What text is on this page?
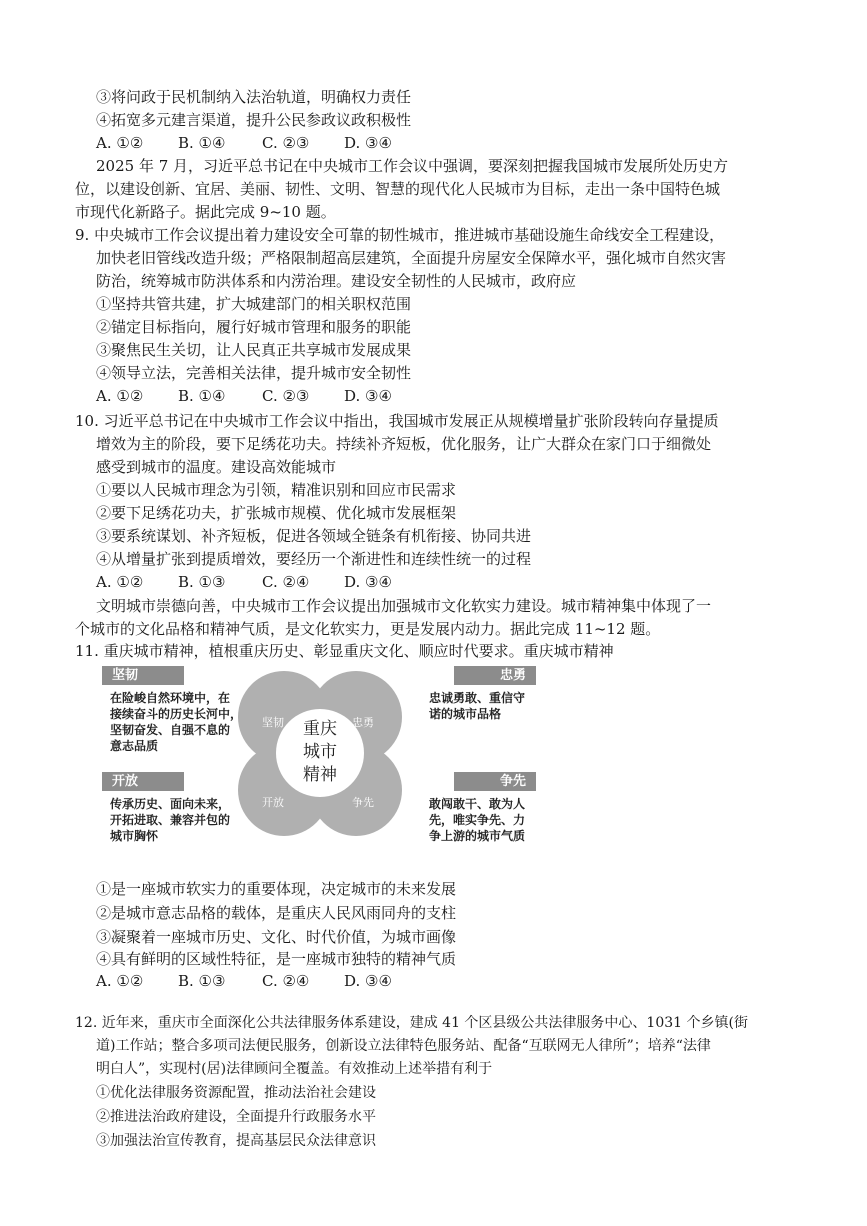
③将问政于民机制纳入法治轨道，明确权力责任
④拓宽多元建言渠道，提升公民参政议政积极性
A. ①② B. ①④ C. ②③ D. ③④
2025 年 7 月，习近平总书记在中央城市工作会议中强调，要深刻把握我国城市发展所处历史方
位，以建设创新、宜居、美丽、韧性、文明、智慧的现代化人民城市为目标，走出一条中国特色城
市现代化新路子。据此完成 9~10 题。
9. 中央城市工作会议提出着力建设安全可靠的韧性城市，推进城市基础设施生命线安全工程建设，
加快老旧管线改造升级；严格限制超高层建筑，全面提升房屋安全保障水平，强化城市自然灾害
防治，统筹城市防洪体系和内涝治理。建设安全韧性的人民城市，政府应
①坚持共管共建，扩大城建部门的相关职权范围
②锚定目标指向，履行好城市管理和服务的职能
③聚焦民生关切，让人民真正共享城市发展成果
④领导立法，完善相关法律，提升城市安全韧性
A. ①② B. ①④ C. ②③ D. ③④
10. 习近平总书记在中央城市工作会议中指出，我国城市发展正从规模增量扩张阶段转向存量提质
增效为主的阶段，要下足绣花功夫。持续补齐短板，优化服务，让广大群众在家门口于细微处
感受到城市的温度。建设高效能城市
①要以人民城市理念为引领，精准识别和回应市民需求
②要下足绣花功夫，扩张城市规模、优化城市发展框架
③要系统谋划、补齐短板，促进各领域全链条有机衔接、协同共进
④从增量扩张到提质增效，要经历一个渐进性和连续性统一的过程
A. ①② B. ①③ C. ②④ D. ③④
文明城市崇德向善，中央城市工作会议提出加强城市文化软实力建设。城市精神集中体现了一
个城市的文化品格和精神气质，是文化软实力，更是发展内动力。据此完成 11~12 题。
11. 重庆城市精神，植根重庆历史、彰显重庆文化、顺应时代要求。重庆城市精神
坚韧	忠勇
开放	争先
重庆
城市
精神
坚韧	忠勇
开放	争先
在险峻自然环境中，在
接续奋斗的历史长河中，
坚韧奋发、自强不息的
意志品质
忠诚勇敢、重信守
诺的城市品格
传承历史、面向未来，
开拓进取、兼容并包的
城市胸怀
敢闯敢干、敢为人
先，唯实争先、力
争上游的城市气质
①是一座城市软实力的重要体现，决定城市的未来发展
②是城市意志品格的载体，是重庆人民风雨同舟的支柱
③凝聚着一座城市历史、文化、时代价值，为城市画像
④具有鲜明的区域性特征，是一座城市独特的精神气质
A. ①② B. ①③ C. ②④ D. ③④
12. 近年来，重庆市全面深化公共法律服务体系建设，建成 41 个区县级公共法律服务中心、1031 个乡镇(街
道)工作站；整合多项司法便民服务，创新设立法律特色服务站、配备“互联网无人律所”；培养“法律
明白人”，实现村(居)法律顾问全覆盖。有效推动上述举措有利于
①优化法律服务资源配置，推动法治社会建设
②推进法治政府建设，全面提升行政服务水平
③加强法治宣传教育，提高基层民众法律意识
